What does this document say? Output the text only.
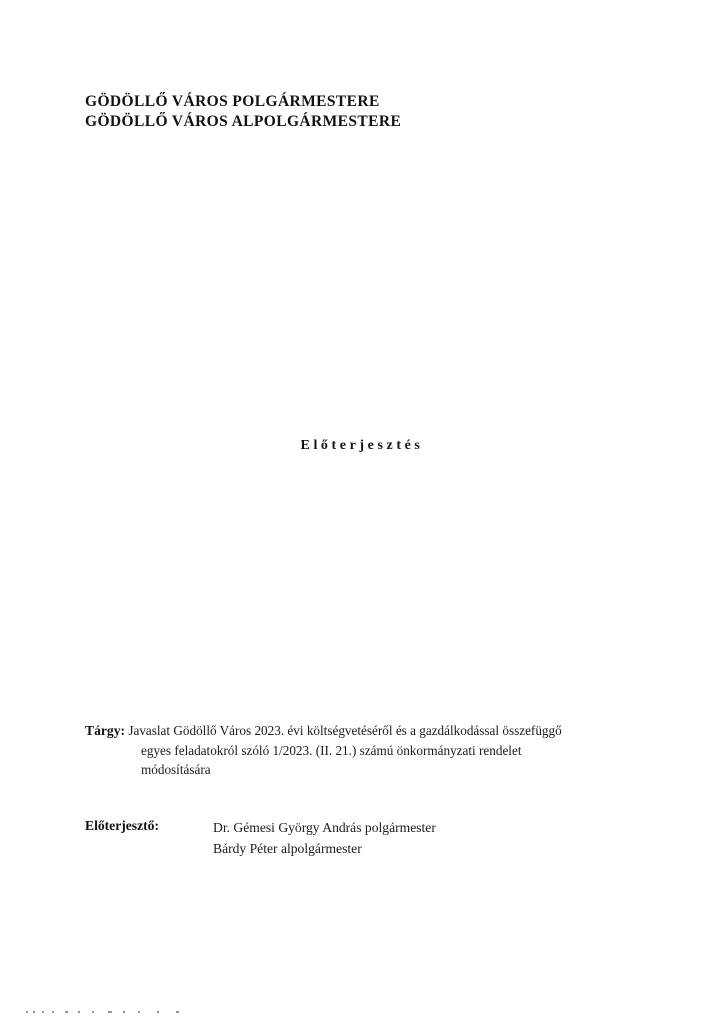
GÖDÖLLŐ VÁROS POLGÁRMESTERE
GÖDÖLLŐ VÁROS ALPOLGÁRMESTERE
Előterjesztés
Tárgy: Javaslat Gödöllő Város 2023. évi költségvetéséről és a gazdálkodással összefüggő
egyes feladatokról szóló 1/2023. (II. 21.) számú önkormányzati rendelet
módosítására
Előterjesztő:	Dr. Gémesi György András polgármester
Bárdy Péter alpolgármester
